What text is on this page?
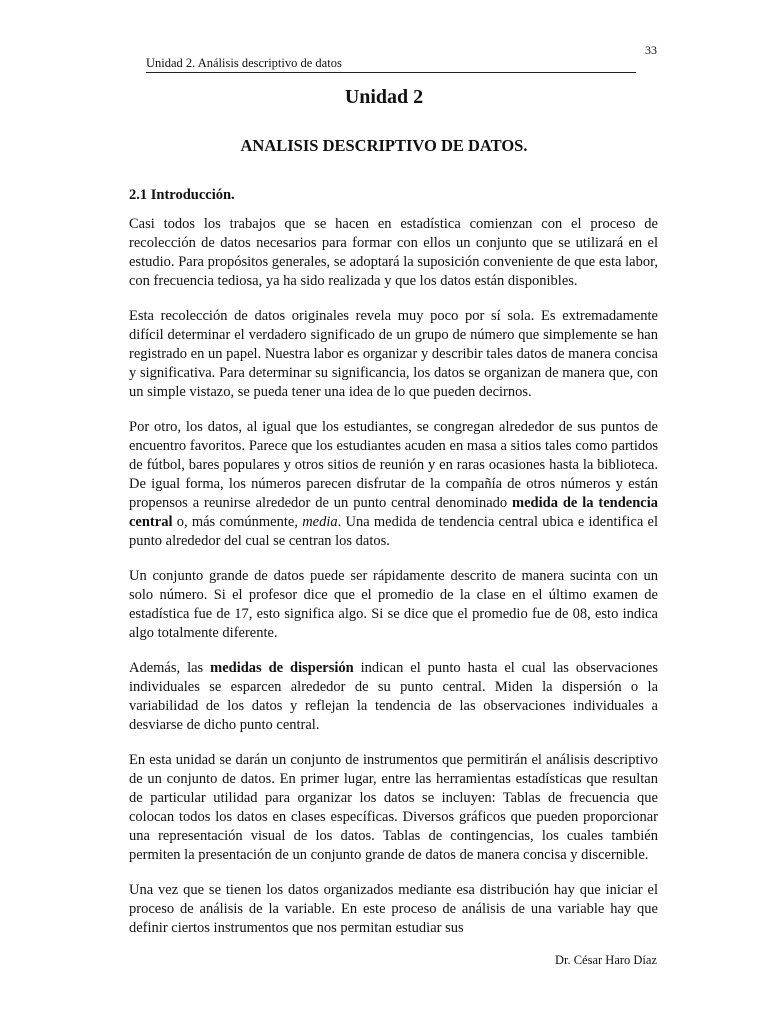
33
Unidad 2. Análisis descriptivo de datos
Unidad 2
ANALISIS DESCRIPTIVO DE DATOS.
2.1 Introducción.

Casi todos los trabajos que se hacen en estadística comienzan con el proceso de recolección de datos necesarios para formar con ellos un conjunto que se utilizará en el estudio. Para propósitos generales, se adoptará la suposición conveniente de que esta labor, con frecuencia tediosa, ya ha sido realizada y que los datos están disponibles.

Esta recolección de datos originales revela muy poco por sí sola. Es extremadamente difícil determinar el verdadero significado de un grupo de número que simplemente se han registrado en un papel. Nuestra labor es organizar y describir tales datos de manera concisa y significativa. Para determinar su significancia, los datos se organizan de manera que, con un simple vistazo, se pueda tener una idea de lo que pueden decirnos.

Por otro, los datos, al igual que los estudiantes, se congregan alrededor de sus puntos de encuentro favoritos. Parece que los estudiantes acuden en masa a sitios tales como partidos de fútbol, bares populares y otros sitios de reunión y en raras ocasiones hasta la biblioteca. De igual forma, los números parecen disfrutar de la compañía de otros números y están propensos a reunirse alrededor de un punto central denominado medida de la tendencia central o, más comúnmente, media. Una medida de tendencia central ubica e identifica el punto alrededor del cual se centran los datos.

Un conjunto grande de datos puede ser rápidamente descrito de manera sucinta con un solo número. Si el profesor dice que el promedio de la clase en el último examen de estadística fue de 17, esto significa algo. Si se dice que el promedio fue de 08, esto indica algo totalmente diferente.

Además, las medidas de dispersión indican el punto hasta el cual las observaciones individuales se esparcen alrededor de su punto central. Miden la dispersión o la variabilidad de los datos y reflejan la tendencia de las observaciones individuales a desviarse de dicho punto central.

En esta unidad se darán un conjunto de instrumentos que permitirán el análisis descriptivo de un conjunto de datos. En primer lugar, entre las herramientas estadísticas que resultan de particular utilidad para organizar los datos se incluyen: Tablas de frecuencia que colocan todos los datos en clases específicas. Diversos gráficos que pueden proporcionar una representación visual de los datos. Tablas de contingencias, los cuales también permiten la presentación de un conjunto grande de datos de manera concisa y discernible.

Una vez que se tienen los datos organizados mediante esa distribución hay que iniciar el proceso de análisis de la variable. En este proceso de análisis de una variable hay que definir ciertos instrumentos que nos permitan estudiar sus

Dr. César Haro Díaz
